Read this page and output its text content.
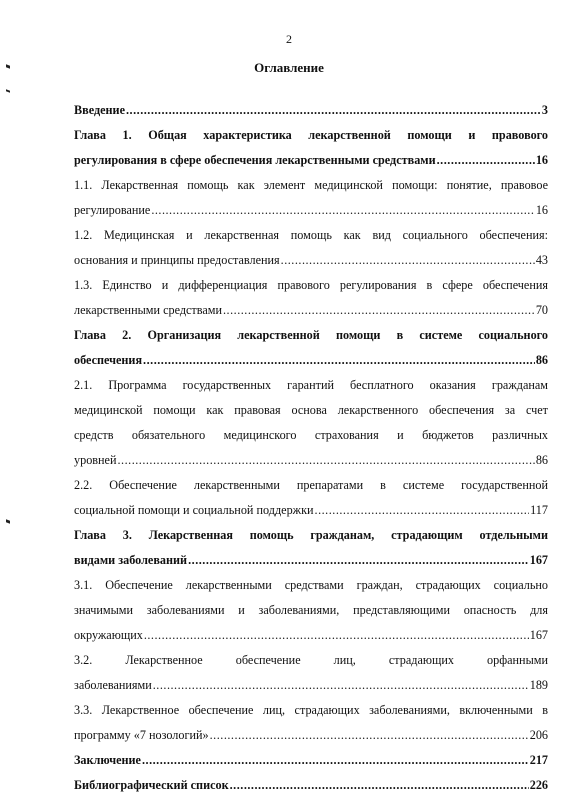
2
Оглавление
Введение .....	3
Глава 1. Общая характеристика лекарственной помощи и правового
регулирования в сфере обеспечения лекарственными средствами .....	16
1.1. Лекарственная помощь как элемент медицинской помощи: понятие, правовое
регулирование .....	16
1.2. Медицинская и лекарственная помощь как вид социального обеспечения:
основания и принципы предоставления .....	43
1.3. Единство и дифференциация правового регулирования в сфере обеспечения
лекарственными средствами .....	70
Глава 2. Организация лекарственной помощи в системе социального
обеспечения .....	86
2.1. Программа государственных гарантий бесплатного оказания гражданам
медицинской помощи как правовая основа лекарственного обеспечения за счет
средств обязательного медицинского страхования и бюджетов различных
уровней .....	86
2.2. Обеспечение лекарственными препаратами в системе государственной
социальной помощи и социальной поддержки .....	117
Глава 3. Лекарственная помощь гражданам, страдающим отдельными
видами заболеваний .....	167
3.1. Обеспечение лекарственными средствами граждан, страдающих социально
значимыми заболеваниями и заболеваниями, представляющими опасность для
окружающих .....	167
3.2. Лекарственное обеспечение лиц, страдающих орфанными
заболеваниями .....	189
3.3. Лекарственное обеспечение лиц, страдающих заболеваниями, включенными в
программу «7 нозологий» .....	206
Заключение .....	217
Библиографический список .....	226
